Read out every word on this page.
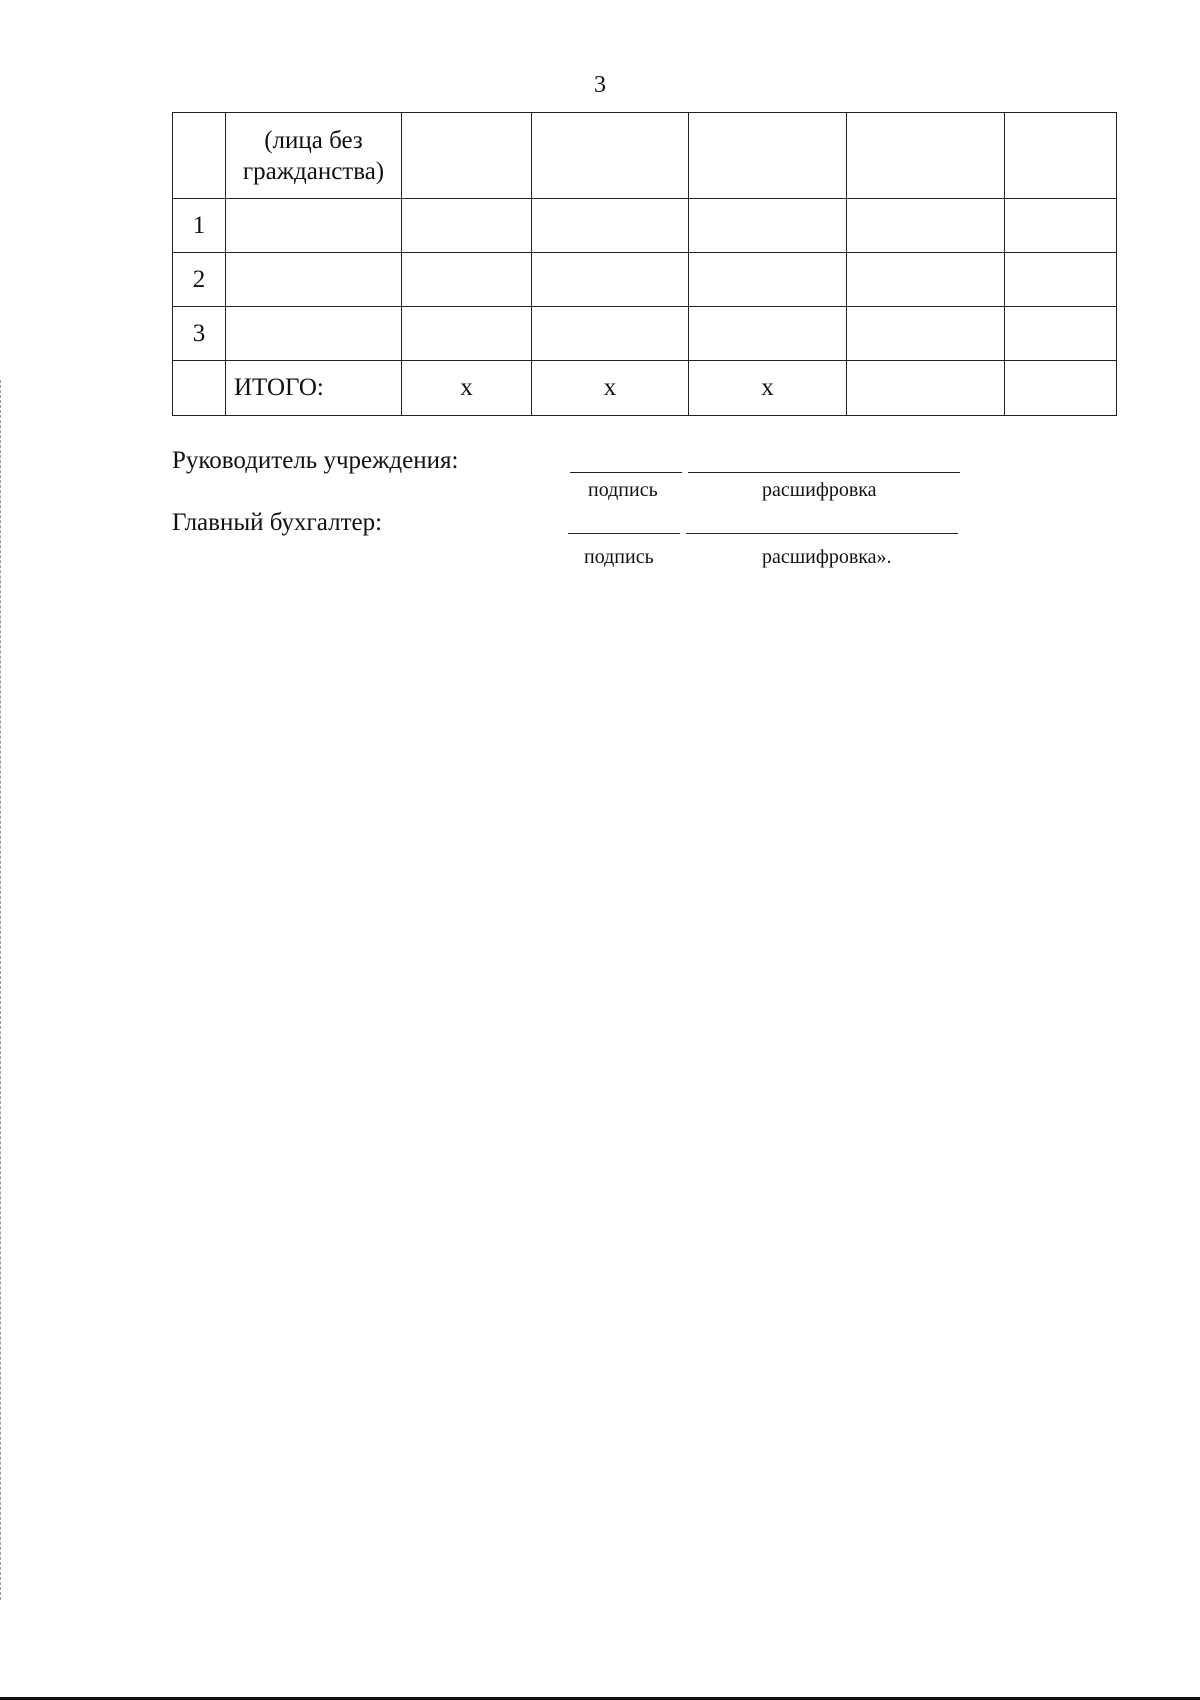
3

	(лица без гражданства)					

1						
2						
3						
	ИТОГО:	х	х	х		
Руководитель учреждения:
подпись	расшифровка
Главный бухгалтер:
подпись	расшифровка».
